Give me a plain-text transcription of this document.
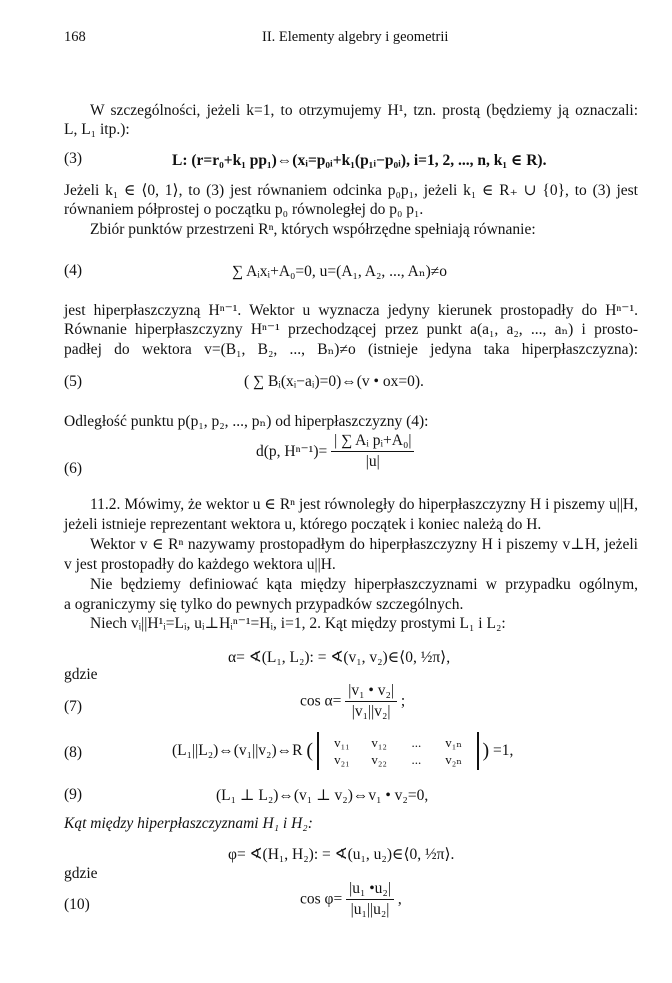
168	II. Elementy algebry i geometrii
W szczególności, jeżeli k=1, to otrzymujemy H¹, tzn. prostą (będziemy ją oznaczali:
L, L₁ itp.):
(3)	L: (r=r₀+k₁ pp₁)⇔(xᵢ=p₀ᵢ+k₁(p₁ᵢ−p₀ᵢ), i=1, 2, ..., n, k₁ ∈ R).
Jeżeli k₁ ∈ ⟨0, 1⟩, to (3) jest równaniem odcinka p₀p₁, jeżeli k₁ ∈ R₊ ∪ {0}, to (3) jest
równaniem półprostej o początku p₀ równoległej do p₀ p₁.
Zbiór punktów przestrzeni Rⁿ, których współrzędne spełniają równanie:
(4)	∑ Aᵢxᵢ+A₀=0, u=(A₁, A₂, ..., Aₙ)≠o
jest hiperpłaszczyzną Hⁿ⁻¹. Wektor u wyznacza jedyny kierunek prostopadły do Hⁿ⁻¹.
Równanie hiperpłaszczyzny Hⁿ⁻¹ przechodzącej przez punkt a(a₁, a₂, ..., aₙ) i prosto-
padłej do wektora v=(B₁, B₂, ..., Bₙ)≠o (istnieje jedyna taka hiperpłaszczyzna):
(5)	( ∑ Bᵢ(xᵢ−aᵢ)=0)⇔(v • ox=0).
Odległość punktu p(p₁, p₂, ..., pₙ) od hiperpłaszczyzny (4):
(6)
d(p, $H^{n-1})= \frac{\text{| ∑ Aᵢ pᵢ+A₀|}}{|u|}$
11.2. Mówimy, że wektor u ∈ Rⁿ jest równoległy do hiperpłaszczyzny H i piszemy u||H,
jeżeli istnieje reprezentant wektora u, którego początek i koniec należą do H.
Wektor v ∈ Rⁿ nazywamy prostopadłym do hiperpłaszczyzny H i piszemy v⊥H, jeżeli
v jest prostopadły do każdego wektora u||H.
Nie będziemy definiować kąta między hiperpłaszczyznami w przypadku ogólnym,
a ograniczymy się tylko do pewnych przypadków szczególnych.
Niech vᵢ||H¹ᵢ=Lᵢ, uᵢ⊥Hᵢⁿ⁻¹=Hᵢ, i=1, 2. Kąt między prostymi L₁ i L₂:
α= ∢(L₁, L₂): = ∢(v₁, v₂)∈⟨0, ½π⟩,
gdzie
(7)	$\cos \alpha= \frac{\text{|v₁ • v₂|}}{\text{|v₁||v₂|}}$ ;
(8)	(L₁||L₂)⇔(v₁||v₂)⇔R (	v₁₁ v₁₂ ... v₁ₙ
v₂₁ v₂₂ ... v₂ₙ	) =1,
(9)	(L₁ ⊥ L₂)⇔(v₁ ⊥ v₂)⇔v₁ • v₂=0,
Kąt między hiperpłaszczyznami H₁ i H₂:
φ= ∢(H₁, H₂): = ∢(u₁, u₂)∈⟨0, ½π⟩.
gdzie
(10)	$\cos \varphi= \frac{\text{|u₁ •u₂|}}{\text{|u₁||u₂|}}$ ,
